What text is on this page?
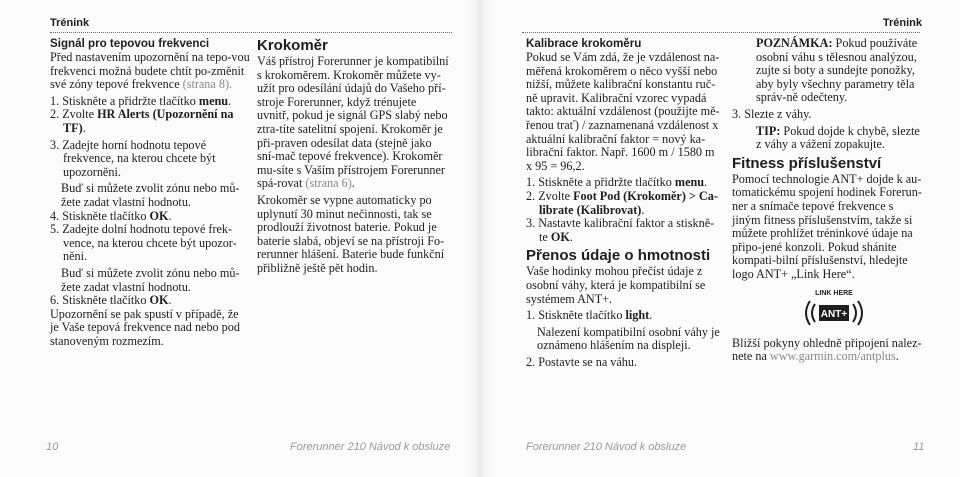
Trénink

Signál pro tepovou frekvenci

Před nastavením upozornění na tepo-vou frekvenci možná budete chtít po-změnit své zóny tepové frekvence (strana 8).

1. Stiskněte a přidržte tlačítko menu.

2. Zvolte HR Alerts (Upozornění na TF).

3. Zadejte horní hodnotu tepové frekvence, na kterou chcete být upozorněni.

Buď si můžete zvolit zónu nebo mů-žete zadat vlastní hodnotu.

4. Stiskněte tlačítko OK.

5. Zadejte dolní hodnotu tepové frek-vence, na kterou chcete být upozor-něni.

Buď si můžete zvolit zónu nebo mů-žete zadat vlastní hodnotu.

6. Stiskněte tlačítko OK.

Upozornění se pak spustí v případě, že je Vaše tepová frekvence nad nebo pod stanoveným rozmezím.

Krokoměr

Váš přístroj Forerunner je kompatibilní s krokoměrem. Krokoměr můžete vy-užít pro odesílání údajů do Vašeho pří-stroje Forerunner, když trénujete uvnitř, pokud je signál GPS slabý nebo ztra-títe satelitní spojení. Krokoměr je při-praven odesílat data (stejně jako sní-mač tepové frekvence). Krokoměr mu-síte s Vaším přístrojem Forerunner spá-rovat (strana 6).

Krokoměr se vypne automaticky po uplynutí 30 minut nečinnosti, tak se prodlouží životnost baterie. Pokud je baterie slabá, objeví se na přístroji Fo-rerunner hlášení. Baterie bude funkční přibližně ještě pět hodin.

10	Forerunner 210 Návod k obsluze
Trénink

Kalibrace krokoměru

Pokud se Vám zdá, že je vzdálenost na-měřená krokoměrem o něco vyšší nebo nižší, můžete kalibrační konstantu ruč-ně upravit. Kalibrační vzorec vypadá takto: aktuální vzdálenost (použijte mě-řenou trať) / zaznamenaná vzdálenost x aktuální kalibrační faktor = nový ka-librační faktor. Např. 1600 m / 1580 m x 95 = 96,2.

1. Stiskněte a přidržte tlačítko menu.

2. Zvolte Foot Pod (Krokoměr) > Ca-librate (Kalibrovat).

3. Nastavte kalibrační faktor a stiskně-te OK.

Přenos údaje o hmotnosti

Vaše hodinky mohou přečíst údaje z osobní váhy, která je kompatibilní se systémem ANT+.

1. Stiskněte tlačítko light.

Nalezení kompatibilní osobní váhy je oznámeno hlášením na displeji.

2. Postavte se na váhu.

POZNÁMKA: Pokud používáte osobní váhu s tělesnou analýzou, zujte si boty a sundejte ponožky, aby byly všechny parametry těla správ-ně odečteny.

3. Slezte z váhy.

TIP: Pokud dojde k chybě, slezte z váhy a vážení zopakujte.

Fitness příslušenství

Pomocí technologie ANT+ dojde k au-tomatickému spojení hodinek Forerun-ner a snímače tepové frekvence s jiným fitness příslušenstvím, takže si můžete prohlížet tréninkové údaje na připo-jené konzoli. Pokud shánite kompati-bilní příslušenství, hledejte logo ANT+ „Link Here“.

LINK HERE
ANT+

Bližší pokyny ohledně připojení nalez-nete na www.garmin.com/antplus.

Forerunner 210 Návod k obsluze	11
